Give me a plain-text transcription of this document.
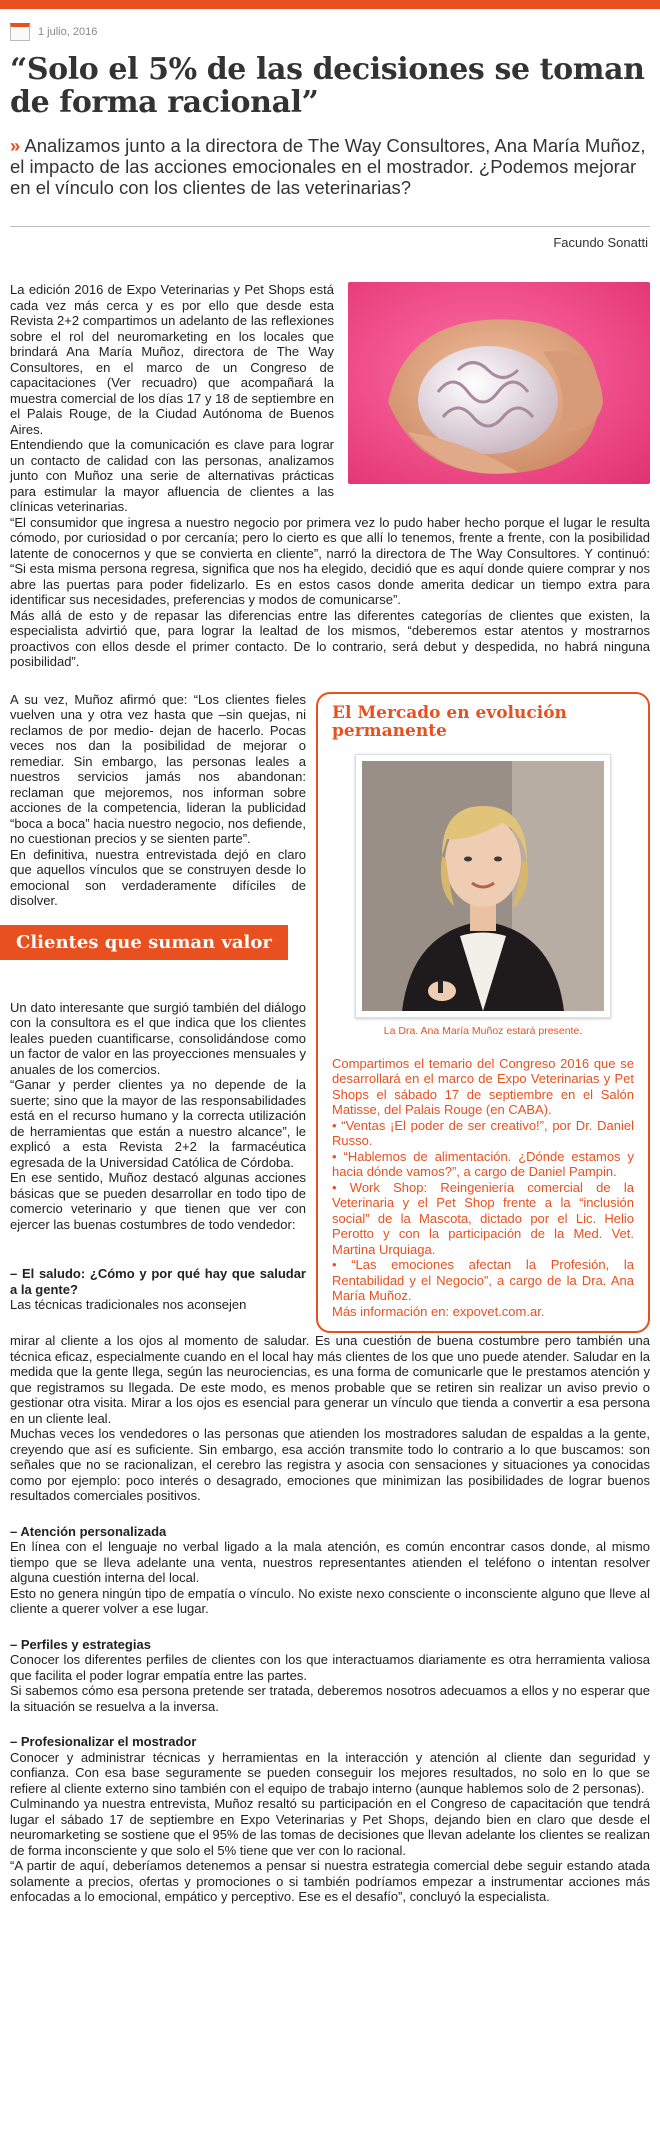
1 julio, 2016
“Solo el 5% de las decisiones se toman de forma racional”

» Analizamos junto a la directora de The Way Consultores, Ana María Muñoz, el impacto de las acciones emocionales en el mostrador. ¿Podemos mejorar en el vínculo con los clientes de las veterinarias?

Facundo Sonatti

La edición 2016 de Expo Veterinarias y Pet Shops está cada vez más cerca y es por ello que desde esta Revista 2+2 compartimos un adelanto de las reflexiones sobre el rol del neuromarketing en los locales que brindará Ana María Muñoz, directora de The Way Consultores, en el marco de un Congreso de capacitaciones (Ver recuadro) que acompañará la muestra comercial de los días 17 y 18 de septiembre en el Palais Rouge, de la Ciudad Autónoma de Buenos Aires.

Entendiendo que la comunicación es clave para lograr un contacto de calidad con las personas, analizamos junto con Muñoz una serie de alternativas prácticas para estimular la mayor afluencia de clientes a las clínicas veterinarias.

“El consumidor que ingresa a nuestro negocio por primera vez lo pudo haber hecho porque el lugar le resulta cómodo, por curiosidad o por cercanía; pero lo cierto es que allí lo tenemos, frente a frente, con la posibilidad latente de conocernos y que se convierta en cliente”, narró la directora de The Way Consultores. Y continuó: “Si esta misma persona regresa, significa que nos ha elegido, decidió que es aquí donde quiere comprar y nos abre las puertas para poder fidelizarlo. Es en estos casos donde amerita dedicar un tiempo extra para identificar sus necesidades, preferencias y modos de comunicarse”.

Más allá de esto y de repasar las diferencias entre las diferentes categorías de clientes que existen, la especialista advirtió que, para lograr la lealtad de los mismos, “deberemos estar atentos y mostrarnos proactivos con ellos desde el primer contacto. De lo contrario, será debut y despedida, no habrá ninguna posibilidad”.

A su vez, Muñoz afirmó que: “Los clientes fieles vuelven una y otra vez hasta que –sin quejas, ni reclamos de por medio- dejan de hacerlo. Pocas veces nos dan la posibilidad de mejorar o remediar. Sin embargo, las personas leales a nuestros servicios jamás nos abandonan: reclaman que mejoremos, nos informan sobre acciones de la competencia, lideran la publicidad “boca a boca” hacia nuestro negocio, nos defiende, no cuestionan precios y se sienten parte”.

En definitiva, nuestra entrevistada dejó en claro que aquellos vínculos que se construyen desde lo emocional son verdaderamente difíciles de disolver.

Clientes que suman valor

Un dato interesante que surgió también del diálogo con la consultora es el que indica que los clientes leales pueden cuantificarse, consolidándose como un factor de valor en las proyecciones mensuales y anuales de los comercios.

“Ganar y perder clientes ya no depende de la suerte; sino que la mayor de las responsabilidades está en el recurso humano y la correcta utilización de herramientas que están a nuestro alcance”, le explicó a esta Revista 2+2 la farmacéutica egresada de la Universidad Católica de Córdoba.

En ese sentido, Muñoz destacó algunas acciones básicas que se pueden desarrollar en todo tipo de comercio veterinario y que tienen que ver con ejercer las buenas costumbres de todo vendedor:

– El saludo: ¿Cómo y por qué hay que saludar a la gente?

Las técnicas tradicionales nos aconsejen

El Mercado en evolución permanente
La Dra. Ana María Muñoz estará presente.

Compartimos el temario del Congreso 2016 que se desarrollará en el marco de Expo Veterinarias y Pet Shops el sábado 17 de septiembre en el Salón Matisse, del Palais Rouge (en CABA).

• “Ventas ¡El poder de ser creativo!”, por Dr. Daniel Russo.

• “Hablemos de alimentación. ¿Dónde estamos y hacia dónde vamos?”, a cargo de Daniel Pampin.

• Work Shop: Reingeniería comercial de la Veterinaria y el Pet Shop frente a la “inclusión social” de la Mascota, dictado por el Lic. Helio Perotto y con la participación de la Med. Vet. Martina Urquiaga.

• “Las emociones afectan la Profesión, la Rentabilidad y el Negocio”, a cargo de la Dra. Ana María Muñoz.

Más información en: expovet.com.ar.

mirar al cliente a los ojos al momento de saludar. Es una cuestión de buena costumbre pero también una técnica eficaz, especialmente cuando en el local hay más clientes de los que uno puede atender. Saludar en la medida que la gente llega, según las neurociencias, es una forma de comunicarle que le prestamos atención y que registramos su llegada. De este modo, es menos probable que se retiren sin realizar un aviso previo o gestionar otra visita. Mirar a los ojos es esencial para generar un vínculo que tienda a convertir a esa persona en un cliente leal.

Muchas veces los vendedores o las personas que atienden los mostradores saludan de espaldas a la gente, creyendo que así es suficiente. Sin embargo, esa acción transmite todo lo contrario a lo que buscamos: son señales que no se racionalizan, el cerebro las registra y asocia con sensaciones y situaciones ya conocidas como por ejemplo: poco interés o desagrado, emociones que minimizan las posibilidades de lograr buenos resultados comerciales positivos.

– Atención personalizada

En línea con el lenguaje no verbal ligado a la mala atención, es común encontrar casos donde, al mismo tiempo que se lleva adelante una venta, nuestros representantes atienden el teléfono o intentan resolver alguna cuestión interna del local.

Esto no genera ningún tipo de empatía o vínculo. No existe nexo consciente o inconsciente alguno que lleve al cliente a querer volver a ese lugar.

– Perfiles y estrategias

Conocer los diferentes perfiles de clientes con los que interactuamos diariamente es otra herramienta valiosa que facilita el poder lograr empatía entre las partes.

Si sabemos cómo esa persona pretende ser tratada, deberemos nosotros adecuamos a ellos y no esperar que la situación se resuelva a la inversa.

– Profesionalizar el mostrador

Conocer y administrar técnicas y herramientas en la interacción y atención al cliente dan seguridad y confianza. Con esa base seguramente se pueden conseguir los mejores resultados, no solo en lo que se refiere al cliente externo sino también con el equipo de trabajo interno (aunque hablemos solo de 2 personas).

Culminando ya nuestra entrevista, Muñoz resaltó su participación en el Congreso de capacitación que tendrá lugar el sábado 17 de septiembre en Expo Veterinarias y Pet Shops, dejando bien en claro que desde el neuromarketing se sostiene que el 95% de las tomas de decisiones que llevan adelante los clientes se realizan de forma inconsciente y que solo el 5% tiene que ver con lo racional.

“A partir de aquí, deberíamos detenemos a pensar si nuestra estrategia comercial debe seguir estando atada solamente a precios, ofertas y promociones o si también podríamos empezar a instrumentar acciones más enfocadas a lo emocional, empático y perceptivo. Ese es el desafío”, concluyó la especialista.
